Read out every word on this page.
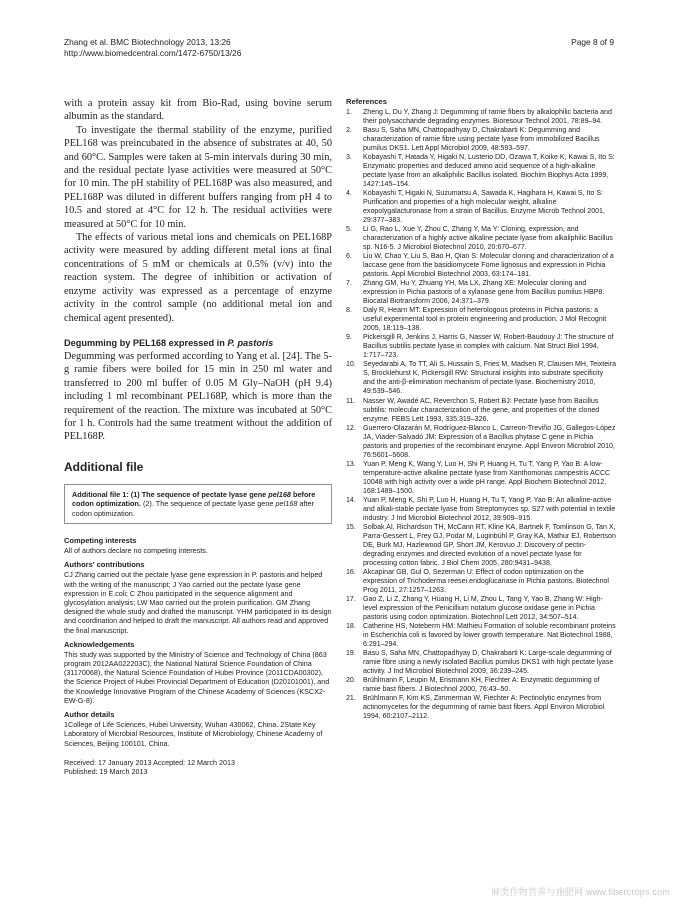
Zhang et al. BMC Biotechnology 2013, 13:26
http://www.biomedcentral.com/1472-6750/13/26
Page 8 of 9

with a protein assay kit from Bio-Rad, using bovine serum albumin as the standard.

To investigate the thermal stability of the enzyme, purified PEL168 was preincubated in the absence of substrates at 40, 50 and 60°C. Samples were taken at 5-min intervals during 30 min, and the residual pectate lyase activities were measured at 50°C for 10 min. The pH stability of PEL168P was also measured, and PEL168P was diluted in different buffers ranging from pH 4 to 10.5 and stored at 4°C for 12 h. The residual activities were measured at 50°C for 10 min.

The effects of various metal ions and chemicals on PEL168P activity were measured by adding different metal ions at final concentrations of 5 mM or chemicals at 0.5% (v/v) into the reaction system. The degree of inhibition or activation of enzyme activity was expressed as a percentage of enzyme activity in the control sample (no additional metal ion and chemical agent presented).

Degumming by PEL168 expressed in P. pastoris

Degumming was performed according to Yang et al. [24]. The 5-g ramie fibers were boiled for 15 min in 250 ml water and transferred to 200 ml buffer of 0.05 M Gly–NaOH (pH 9.4) including 1 ml recombinant PEL168P, which is more than the requirement of the reaction. The mixture was incubated at 50°C for 1 h. Controls had the same treatment without the addition of PEL168P.

Additional file
Additional file 1: (1) The sequence of pectate lyase gene pel168 before codon optimization. (2). The sequence of pectate lyase gene pel168 after codon optimization.
Competing interests

All of authors declare no competing interests.

Authors' contributions

CJ Zhang carried out the pectate lyase gene expression in P. pastoris and helped with the writing of the manuscript; J Yao carried out the pectate lyase gene expression in E.coli; C Zhou participated in the sequence alignment and glycosylation analysis; LW Mao carried out the protein purification. GM Zhang designed the whole study and drafted the manuscript. YHM participated in its design and coordination and helped to draft the manuscript. All authors read and approved the final manuscript.

Acknowledgements

This study was supported by the Ministry of Science and Technology of China (863 program 2012AA022203C), the National Natural Science Foundation of China (31170068), the Natural Science Foundation of Hubei Province (2011CDA00302), the Science Project of Hubei Provincial Department of Education (D20101001), and the Knowledge Innovative Program of the Chinese Academy of Sciences (KSCX2-EW-G-8).

Author details

1College of Life Sciences, Hubei University, Wuhan 430062, China. 2State Key Laboratory of Microbial Resources, Institute of Microbiology, Chinese Academy of Sciences, Beijing 100101, China.

Received: 17 January 2013 Accepted: 12 March 2013

Published: 19 March 2013

References
1.	Zheng L, Du Y, Zhang J: Degumming of ramie fibers by alkalophilic bacteria and their polysaccharide degrading enzymes. Bioresour Technol 2001, 78:89–94.
2.	Basu S, Saha MN, Chattopadhyay D, Chakrabarti K: Degumming and characterization of ramie fibre using pectate lyase from immobilized Bacillus pumilus DKS1. Lett Appl Microbiol 2009, 48:593–597.
3.	Kobayashi T, Hatada Y, Higaki N, Lusterio DD, Ozawa T, Koike K, Kawai S, Ito S: Enzymatic properties and deduced amino acid sequence of a high-alkaline pectate lyase from an alkaliphilic Bacillus isolated. Biochim Biophys Acta 1999, 1427:145–154.
4.	Kobayashi T, Higaki N, Suzumatsu A, Sawada K, Hagihara H, Kawai S, Ito S: Purification and properties of a high molecular weight, alkaline exopolygalacturonase from a strain of Bacillus. Enzyme Microb Technol 2001, 29:377–383.
5.	Li G, Rao L, Xue Y, Zhou C, Zhang Y, Ma Y: Cloning, expression, and characterization of a highly active alkaline pectate lyase from alkaliphilic Bacillus sp. N16-5. J Microbiol Biotechnol 2010, 20:670–677.
6.	Liu W, Chao Y, Liu S, Bao H, Qian S: Molecular cloning and characterization of a laccase gene from the basidiomycete Fome lignosus and expression in Pichia pastoris. Appl Microbiol Biotechnol 2003, 63:174–181.
7.	Zhang GM, Hu Y, Zhuang YH, Ma LX, Zhang XE: Molecular cloning and expression in Pichia pastoris of a xylanase gene from Bacillus pumilus HBP8. Biocatal Biotransform 2006, 24:371–379.
8.	Daly R, Hearn MT: Expression of heterologous proteins in Pichia pastoris: a useful experimental tool in protein engineering and production. J Mol Recognit 2005, 18:119–138.
9.	Pickersgill R, Jenkins J, Harris G, Nasser W, Robert-Baudouy J: The structure of Bacillus subtilis pectate lyase in complex with calcium. Nat Struct Biol 1994, 1:717–723.
10.	Seyedarabi A, To TT, Ali S, Hussain S, Fries M, Madsen R, Clausen MH, Teixteira S, Brocklehurst K, Pickersgill RW: Structural insights into substrate specificity and the anti-β-elimination mechanism of pectate lyase. Biochemistry 2010, 49:539–546.
11.	Nasser W, Awadé AC, Reverchon S, Robert BJ: Pectate lyase from Bacillus subtilis: molecular characterization of the gene, and properties of the cloned enzyme. FEBS Lett 1993, 335:319–326.
12.	Guerrero-Olazarán M, Rodríguez-Blanco L, Carreon-Treviño JG, Gallegos-López JA, Viader-Salvadó JM: Expression of a Bacillus phytase C gene in Pichia pastoris and properties of the recombinant enzyme. Appl Environ Microbiol 2010, 76:5601–5608.
13.	Yuan P, Meng K, Wang Y, Luo H, Shi P, Huang H, Tu T, Yang P, Yao B: A low-temperature-active alkaline pectate lyase from Xanthomonas campestris ACCC 10048 with high activity over a wide pH range. Appl Biochem Biotechnol 2012, 168:1489–1500.
14.	Yuan P, Meng K, Shi P, Luo H, Huang H, Tu T, Yang P, Yao B: An alkaline-active and alkali-stable pectate lyase from Streptomyces sp. S27 with potential in textile industry. J Ind Microbiol Biotechnol 2012, 39:909–915.
15.	Solbak AI, Richardson TH, McCann RT, Kline KA, Bartnek F, Tomlinson G, Tan X, Parra-Gessert L, Frey GJ, Podar M, Luginbühl P, Gray KA, Mathur EJ, Robertson DE, Burk MJ, Hazlewood GP, Short JM, Kerovuo J: Discovery of pectin-degrading enzymes and directed evolution of a novel pectate lyase for processing cotton fabric. J Biol Chem 2005, 280:9431–9438.
16.	Akcapinar GB, Gul O, Sezerman U: Effect of codon optimization on the expression of Trichoderma reesei endoglucanase in Pichia pastoris. Biotechnol Prog 2011, 27:1257–1263.
17.	Gao Z, Li Z, Zhang Y, Huang H, Li M, Zhou L, Tang Y, Yao B, Zhang W: High-level expression of the Penicillium notatum glucose oxidase gene in Pichia pastoris using codon optimization. Biotechnol Lett 2012, 34:507–514.
18.	Catherine HS, Noteberm HM: Mathieu Formation of soluble recombinant proteins in Escherichia coli is favored by lower growth temperature. Nat Biotechnol 1988, 6:291–294.
19.	Basu S, Saha MN, Chattopadhyay D, Chakrabarti K: Large-scale degumming of ramie fibre using a newly isolated Bacillus pumilus DKS1 with high pectate lyase activity. J Ind Microbiol Biotechnol 2009, 36:239–245.
20.	Brühlmann F, Leupin M, Erismann KH, Fiechter A: Enzymatic degumming of ramie bast fibers. J Biotechnol 2000, 76:43–50.
21.	Brühlmann F, Kim KS, Zimmerman W, Fiechter A: Pectinolytic enzymes from actinomycetes for the degumming of ramie bast fibers. Appl Environ Microbiol 1994, 60:2107–2112.
麻类作物营养与施肥网 www.fibercrops.com
